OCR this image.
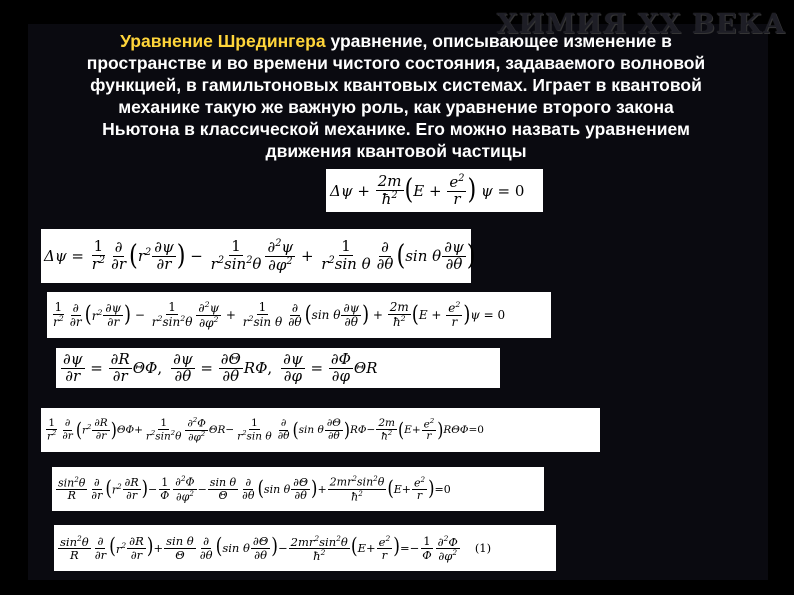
ХИМИЯ XX ВЕКА
Уравнение Шредингера уравнение, описывающее изменение в
пространстве и во времени чистого состояния, задаваемого волновой
функцией, в гамильтоновых квантовых системах. Играет в квантовой
механике такую же важную роль, как уравнение второго закона
Ньютона в классической механике. Его можно назвать уравнением
движения квантовой частицы
$\Delta\psi + \frac{2m}{ħ^2}$ ( $E + \frac{e^2}{r}$ )
ψ = 0
$\Delta\psi = \frac{1}{r^2} \frac{\partial}{\partial r}$ ( $r^2 \frac{\partial\psi}{\partial r}$ ) − $\frac{1}{r^2\sin^2\theta} \frac{\partial^2\psi}{\partial\varphi^2} + \frac{1}{r^2\sin \theta} \frac{\partial}{\partial\theta}$ ( sin θ $\frac{\partial\psi}{\partial\theta}$ )
$\frac{1}{r^2} \frac{\partial}{\partial r}$ ( $r^2 \frac{\partial\psi}{\partial r}$ ) − $\frac{1}{r^2\sin^2\theta} \frac{\partial^2\psi}{\partial\varphi^2} + \frac{1}{r^2\sin \theta} \frac{\partial}{\partial\theta}$ ( sin θ $\frac{\partial\psi}{\partial\theta}$ ) + $\frac{2m}{ħ^2}$ ( $E + \frac{e^2}{r}$ ) ψ = 0
$\frac{\partial\psi}{\partial r} = \frac{\partial R}{\partial r}$ ΘΦ , $\frac{\partial\psi}{\partial\theta} = \frac{\partial\Theta}{\partial\theta}$ RΦ , $\frac{\partial\psi}{\partial\varphi} = \frac{\partial\Phi}{\partial\varphi}$ ΘR
$\frac{1}{r^2} \frac{\partial}{\partial r}$ ( $r^2 \frac{\partial R}{\partial r}$ ) $\Theta\Phi + \frac{1}{r^2\sin^2\theta} \frac{\partial^2\Phi}{\partial\varphi^2}$ $\Theta R - \frac{1}{r^2\sin \theta} \frac{\partial}{\partial\theta}$ ( sin θ $\frac{\partial\Theta}{\partial\theta}$ ) $R\Phi - \frac{2m}{ħ^2}$ ( $E + \frac{e^2}{r}$ ) RΘΦ =0
$\frac{\sin^2\theta}{R} \frac{\partial}{\partial r}$ ( $r^2 \frac{\partial R}{\partial r}$ ) − $\frac{1}{\Phi} \frac{\partial^2\Phi}{\partial\varphi^2} - \frac{\text{sin θ}}{\Theta} \frac{\partial}{\partial\theta}$ ( sin θ $\frac{\partial\Theta}{\partial\theta}$ ) + $\frac{2mr^2\sin^2\theta}{ħ^2}$ ( $E + \frac{e^2}{r}$ ) =0
$\frac{\sin^2\theta}{R} \frac{\partial}{\partial r}$ ( $r^2 \frac{\partial R}{\partial r}$ ) + $\frac{\text{sin θ}}{\Theta} \frac{\partial}{\partial\theta}$ ( sin θ $\frac{\partial\Theta}{\partial\theta}$ ) − $\frac{2mr^2\sin^2\theta}{ħ^2}$ ( $E + \frac{e^2}{r}$ ) =− $\frac{1}{\Phi} \frac{\partial^2\Phi}{\partial\varphi^2} (1)$
